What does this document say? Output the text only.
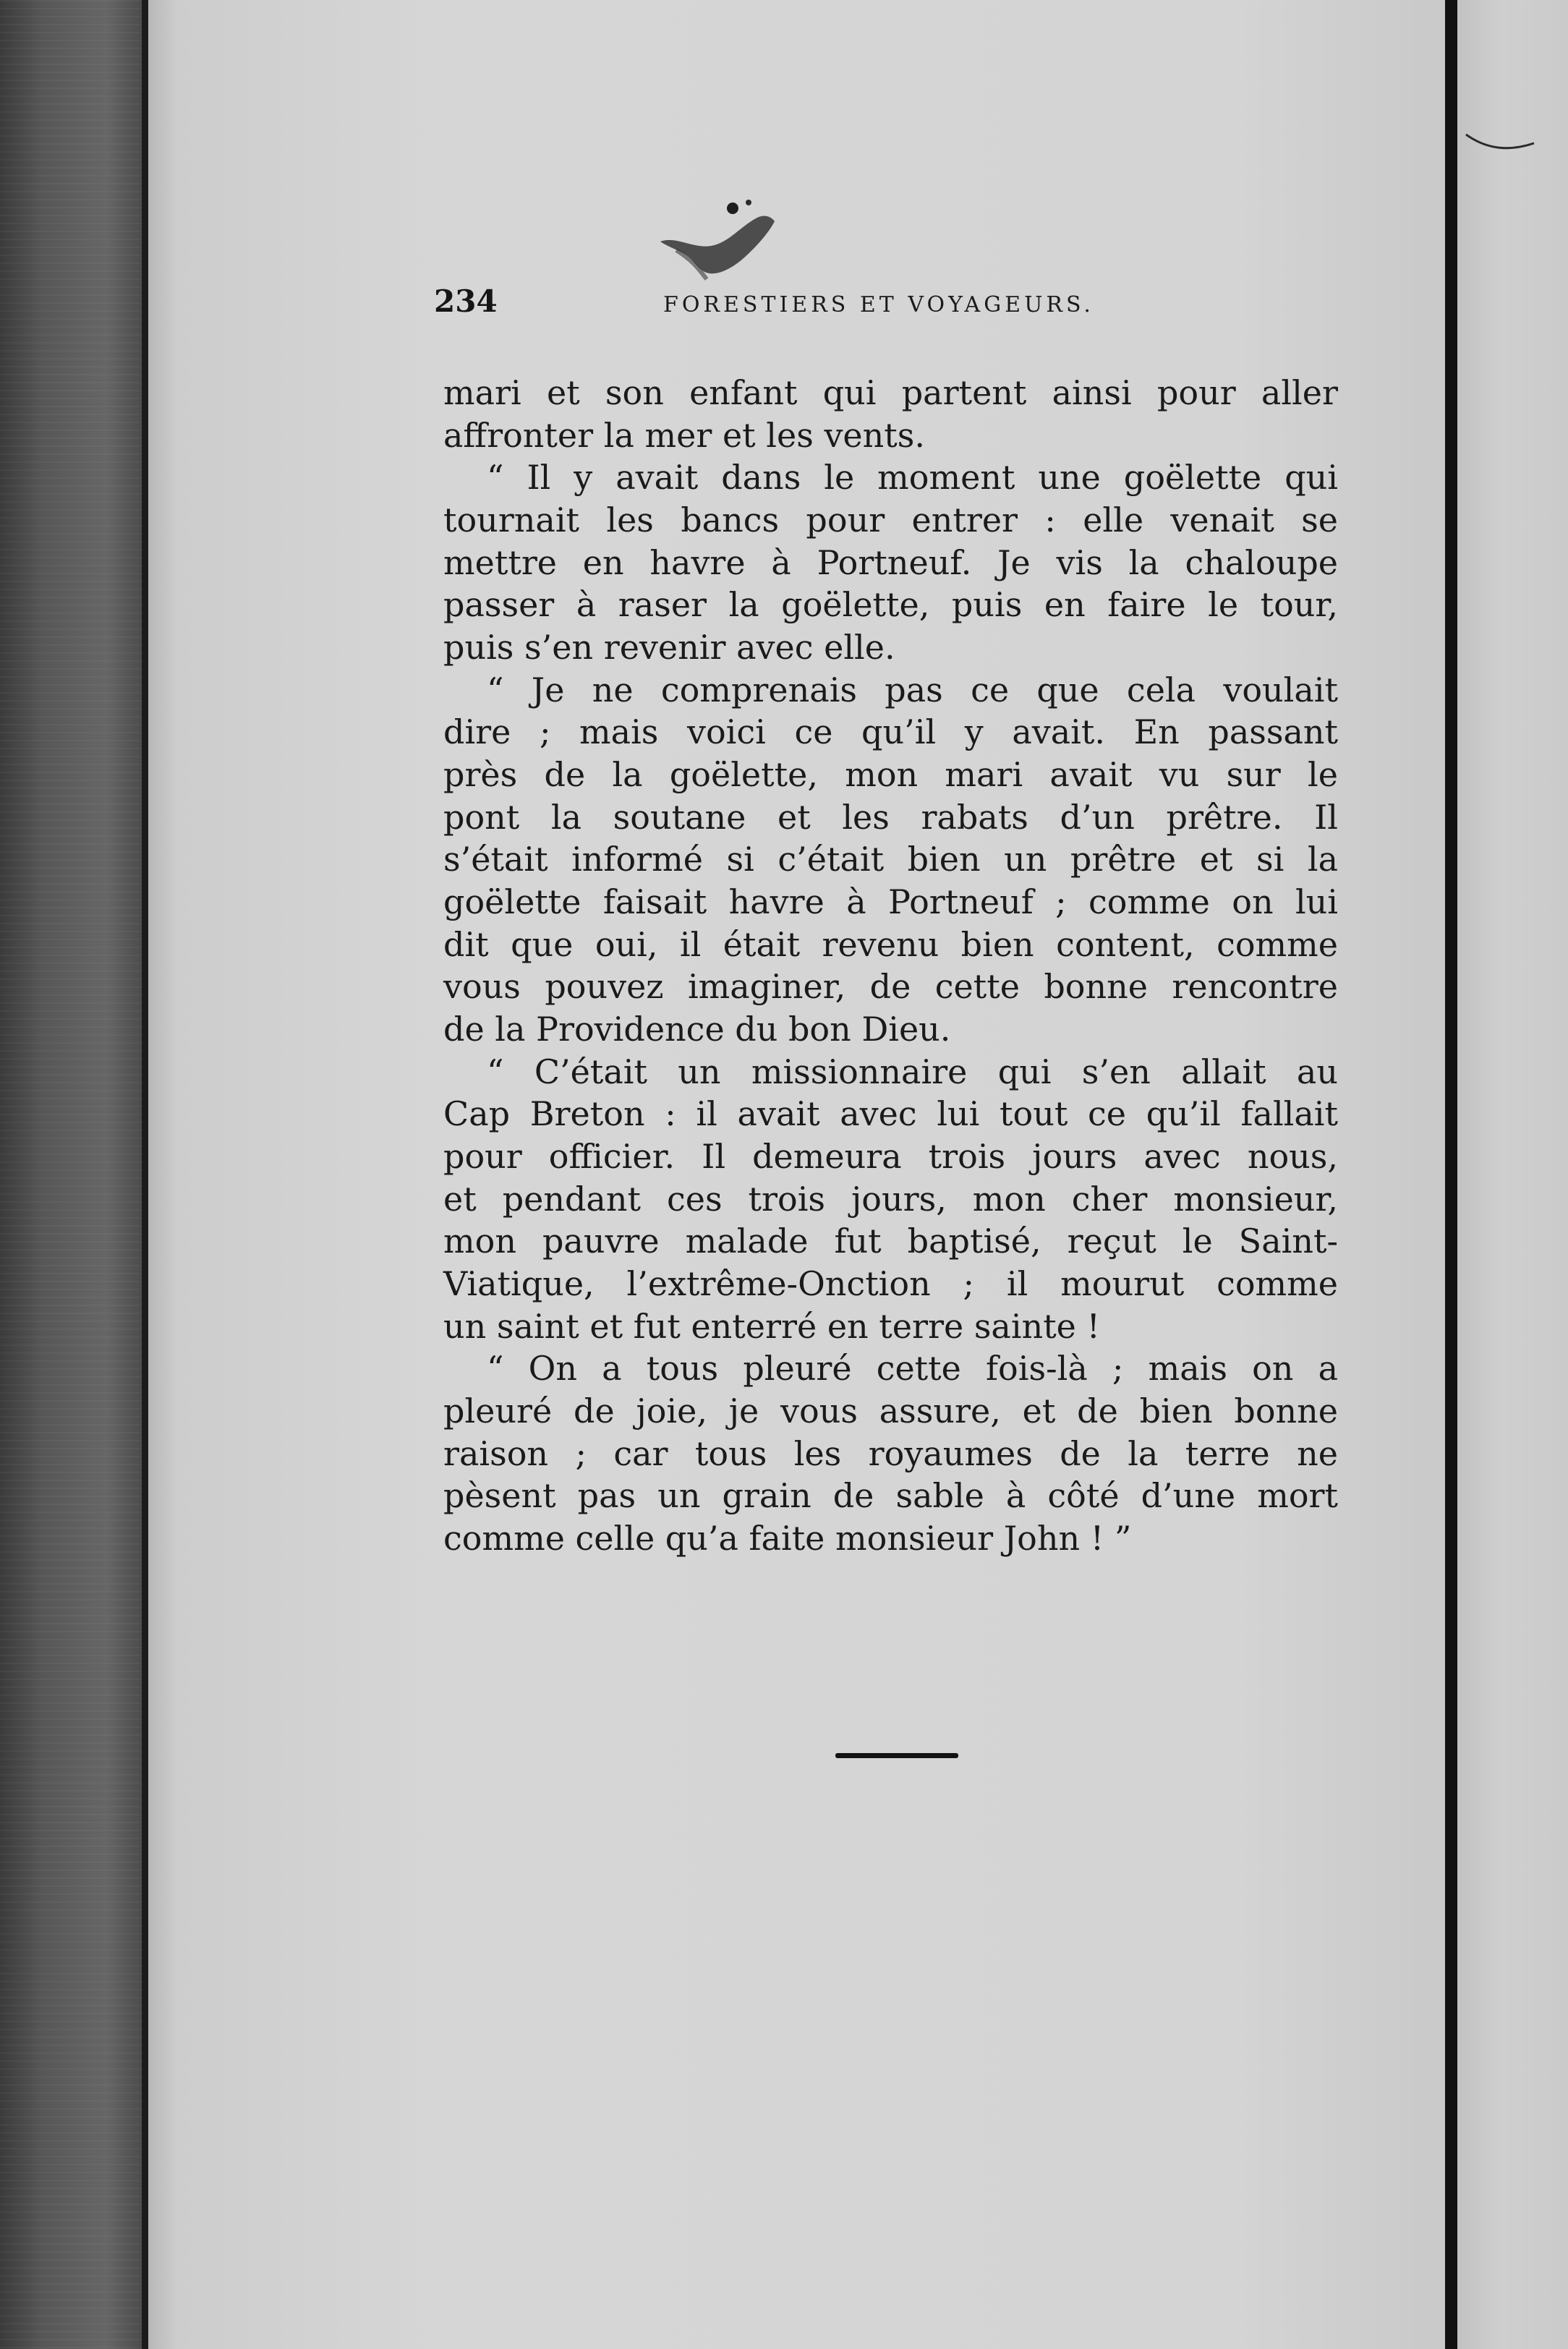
234	FORESTIERS ET VOYAGEURS.
mari et son enfant qui partent ainsi pour aller
affronter la mer et les vents.
“ Il y avait dans le moment une goëlette qui
tournait les bancs pour entrer : elle venait se
mettre en havre à Portneuf. Je vis la chaloupe
passer à raser la goëlette, puis en faire le tour,
puis s’en revenir avec elle.
“ Je ne comprenais pas ce que cela voulait
dire ; mais voici ce qu’il y avait. En passant
près de la goëlette, mon mari avait vu sur le
pont la soutane et les rabats d’un prêtre. Il
s’était informé si c’était bien un prêtre et si la
goëlette faisait havre à Portneuf ; comme on lui
dit que oui, il était revenu bien content, comme
vous pouvez imaginer, de cette bonne rencontre
de la Providence du bon Dieu.
“ C’était un missionnaire qui s’en allait au
Cap Breton : il avait avec lui tout ce qu’il fallait
pour officier. Il demeura trois jours avec nous,
et pendant ces trois jours, mon cher monsieur,
mon pauvre malade fut baptisé, reçut le Saint-
Viatique, l’extrême-Onction ; il mourut comme
un saint et fut enterré en terre sainte !
“ On a tous pleuré cette fois-là ; mais on a
pleuré de joie, je vous assure, et de bien bonne
raison ; car tous les royaumes de la terre ne
pèsent pas un grain de sable à côté d’une mort
comme celle qu’a faite monsieur John ! ”
